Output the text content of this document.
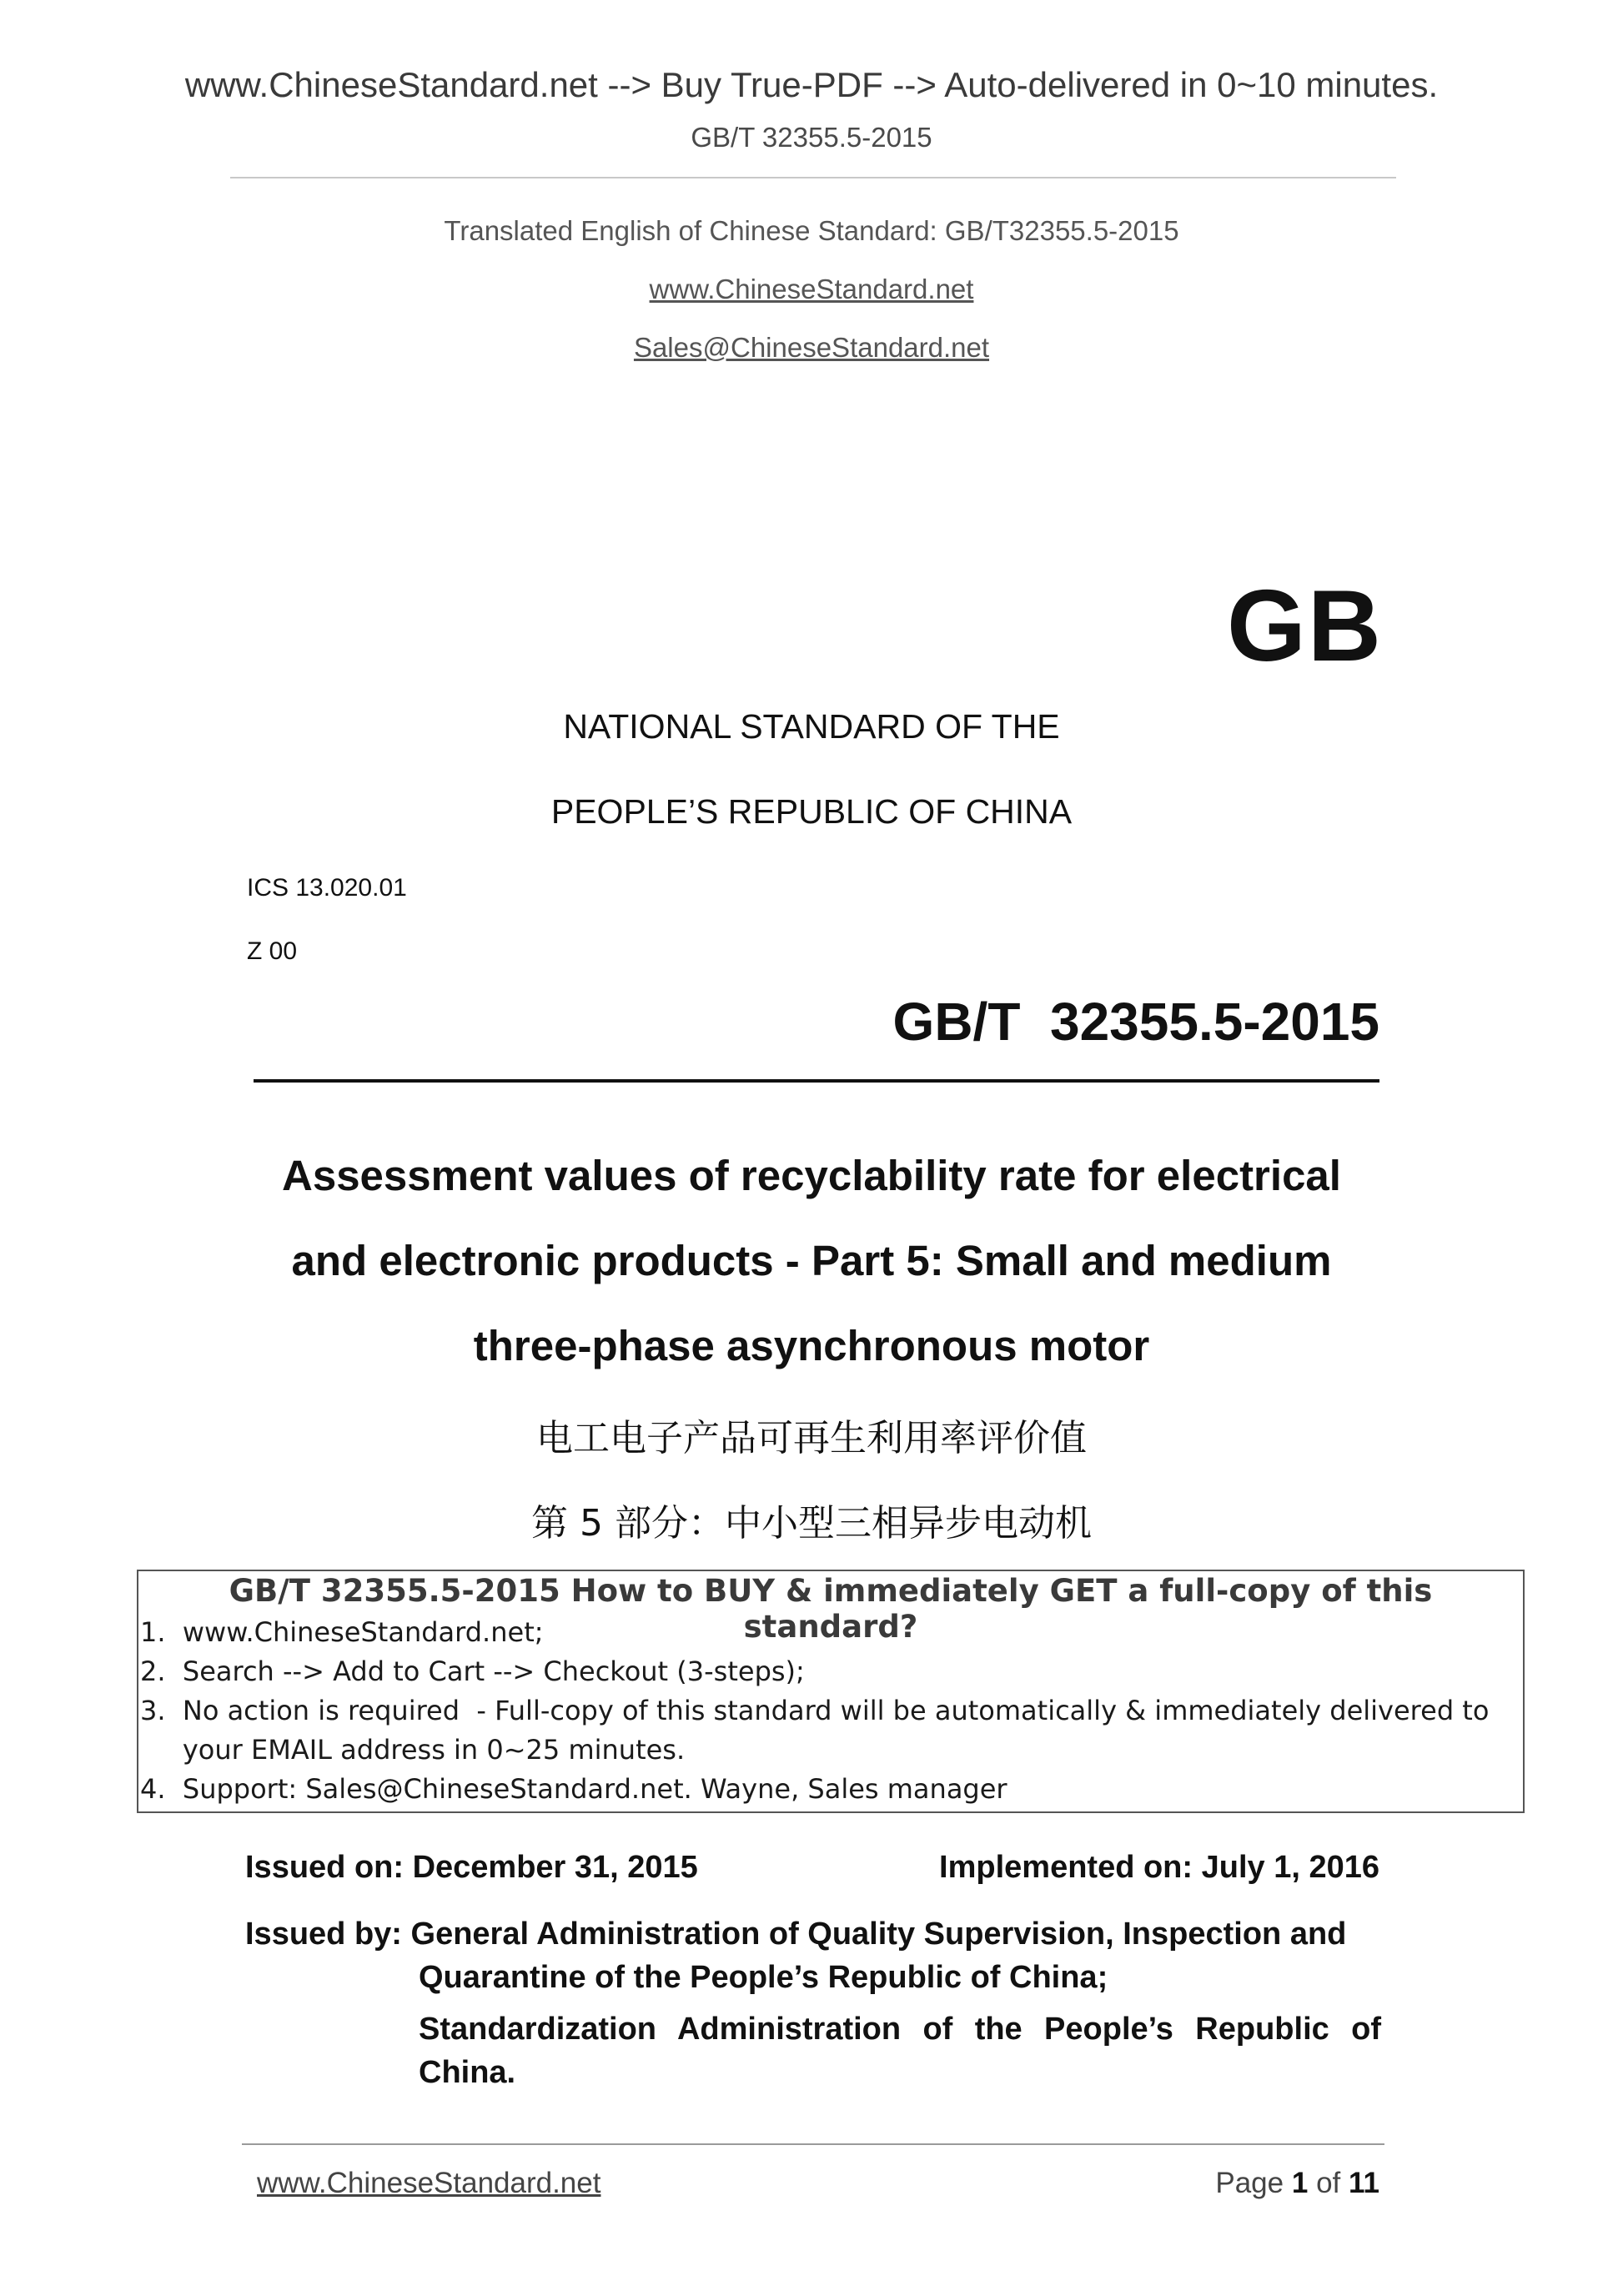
www.ChineseStandard.net --> Buy True-PDF --> Auto-delivered in 0~10 minutes.
GB/T 32355.5-2015
Translated English of Chinese Standard: GB/T32355.5-2015
www.ChineseStandard.net
Sales@ChineseStandard.net
GB
NATIONAL STANDARD OF THE
PEOPLE’S REPUBLIC OF CHINA
ICS 13.020.01
Z 00
GB/T  32355.5-2015
Assessment values of recyclability rate for electrical
and electronic products - Part 5: Small and medium
three-phase asynchronous motor
电工电子产品可再生利用率评价值
第 5 部分：中小型三相异步电动机
GB/T 32355.5-2015 How to BUY & immediately GET a full-copy of this standard?
1.  www.ChineseStandard.net;
2.  Search --> Add to Cart --> Checkout (3-steps);
3.  No action is required  - Full-copy of this standard will be automatically & immediately delivered to
your EMAIL address in 0~25 minutes.
4.  Support: Sales@ChineseStandard.net. Wayne, Sales manager
Issued on: December 31, 2015	Implemented on: July 1, 2016
Issued by: General Administration of Quality Supervision, Inspection and
Quarantine of the People’s Republic of China;
Standardization Administration of the People’s Republic of
China.
www.ChineseStandard.net	Page 1 of 11
